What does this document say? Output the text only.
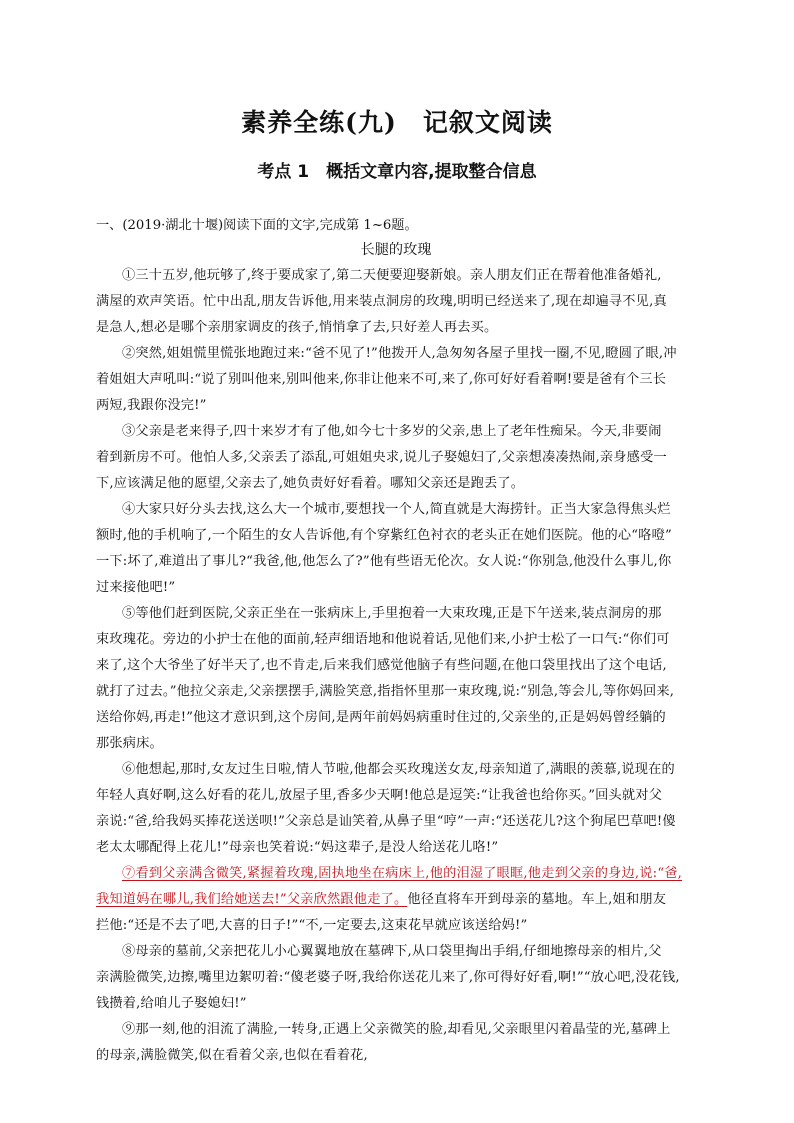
素养全练(九)　记叙文阅读
考点 1　概括文章内容,提取整合信息
一、(2019·湖北十堰)阅读下面的文字,完成第 1~6题。
长腿的玫瑰
①三十五岁,他玩够了,终于要成家了,第二天便要迎娶新娘。亲人朋友们正在帮着他准备婚礼,
满屋的欢声笑语。忙中出乱,朋友告诉他,用来装点洞房的玫瑰,明明已经送来了,现在却遍寻不见,真
是急人,想必是哪个亲朋家调皮的孩子,悄悄拿了去,只好差人再去买。
②突然,姐姐慌里慌张地跑过来:“爸不见了!”他拨开人,急匆匆各屋子里找一圈,不见,瞪圆了眼,冲
着姐姐大声吼叫:“说了别叫他来,别叫他来,你非让他来不可,来了,你可好好看着啊!要是爸有个三长
两短,我跟你没完!”
③父亲是老来得子,四十来岁才有了他,如今七十多岁的父亲,患上了老年性痴呆。今天,非要闹
着到新房不可。他怕人多,父亲丢了添乱,可姐姐央求,说儿子娶媳妇了,父亲想凑凑热闹,亲身感受一
下,应该满足他的愿望,父亲去了,她负责好好看着。哪知父亲还是跑丢了。
④大家只好分头去找,这么大一个城市,要想找一个人,简直就是大海捞针。正当大家急得焦头烂
额时,他的手机响了,一个陌生的女人告诉他,有个穿紫红色衬衣的老头正在她们医院。他的心“咯噔”
一下:坏了,难道出了事儿?“我爸,他,他怎么了?”他有些语无伦次。女人说:“你别急,他没什么事儿,你
过来接他吧!”
⑤等他们赶到医院,父亲正坐在一张病床上,手里抱着一大束玫瑰,正是下午送来,装点洞房的那
束玫瑰花。旁边的小护士在他的面前,轻声细语地和他说着话,见他们来,小护士松了一口气:“你们可
来了,这个大爷坐了好半天了,也不肯走,后来我们感觉他脑子有些问题,在他口袋里找出了这个电话,
就打了过去。”他拉父亲走,父亲摆摆手,满脸笑意,指指怀里那一束玫瑰,说:“别急,等会儿,等你妈回来,
送给你妈,再走!”他这才意识到,这个房间,是两年前妈妈病重时住过的,父亲坐的,正是妈妈曾经躺的
那张病床。
⑥他想起,那时,女友过生日啦,情人节啦,他都会买玫瑰送女友,母亲知道了,满眼的羡慕,说现在的
年轻人真好啊,这么好看的花儿,放屋子里,香多少天啊!他总是逗笑:“让我爸也给你买。”回头就对父
亲说:“爸,给我妈买捧花送送呗!”父亲总是讪笑着,从鼻子里“哼”一声:“还送花儿?这个狗尾巴草吧!傻
老太太哪配得上花儿!”母亲也笑着说:“妈这辈子,是没人给送花儿咯!”
⑦看到父亲满含微笑,紧握着玫瑰,固执地坐在病床上,他的泪湿了眼眶,他走到父亲的身边,说:“爸,
我知道妈在哪儿,我们给她送去!”父亲欣然跟他走了。他径直将车开到母亲的墓地。车上,姐和朋友
拦他:“还是不去了吧,大喜的日子!”“不,一定要去,这束花早就应该送给妈!”
⑧母亲的墓前,父亲把花儿小心翼翼地放在墓碑下,从口袋里掏出手绢,仔细地擦母亲的相片,父
亲满脸微笑,边擦,嘴里边絮叨着:“傻老婆子呀,我给你送花儿来了,你可得好好看,啊!”“放心吧,没花钱,
钱攒着,给咱儿子娶媳妇!”
⑨那一刻,他的泪流了满脸,一转身,正遇上父亲微笑的脸,却看见,父亲眼里闪着晶莹的光,墓碑上
的母亲,满脸微笑,似在看着父亲,也似在看着花,
